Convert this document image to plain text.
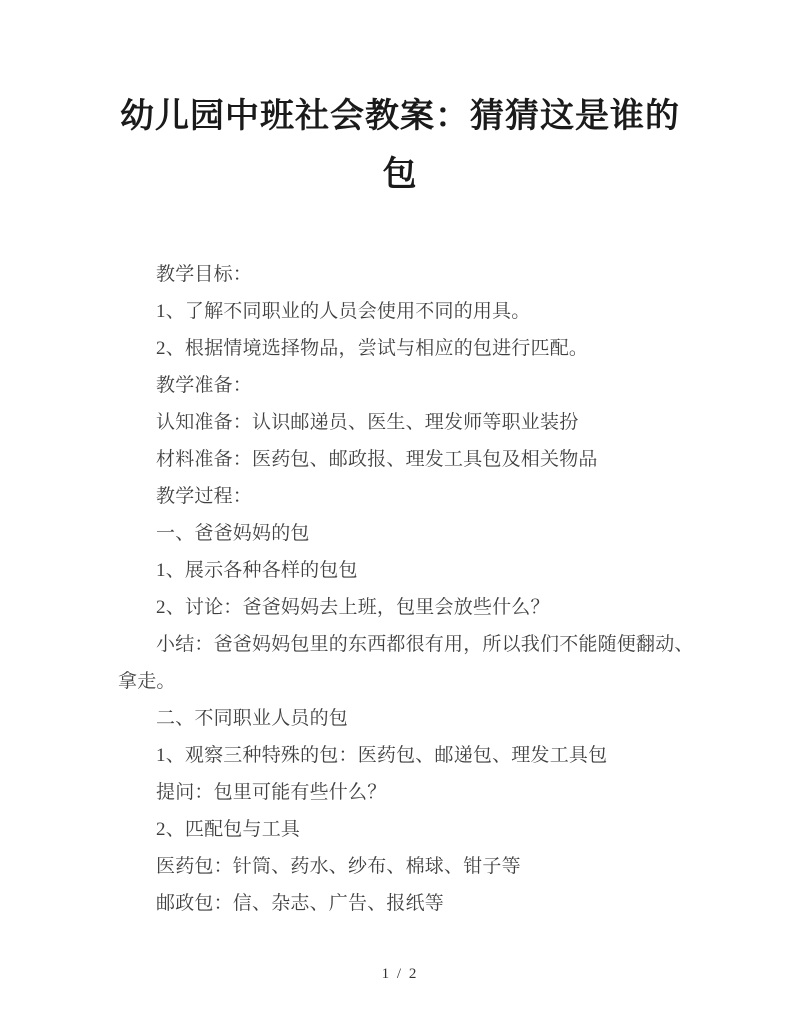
幼儿园中班社会教案：猜猜这是谁的
包

教学目标：

1、了解不同职业的人员会使用不同的用具。

2、根据情境选择物品，尝试与相应的包进行匹配。

教学准备：

认知准备：认识邮递员、医生、理发师等职业装扮

材料准备：医药包、邮政报、理发工具包及相关物品

教学过程：

一、爸爸妈妈的包

1、展示各种各样的包包

2、讨论：爸爸妈妈去上班，包里会放些什么？

小结：爸爸妈妈包里的东西都很有用，所以我们不能随便翻动、

拿走。

二、不同职业人员的包

1、观察三种特殊的包：医药包、邮递包、理发工具包

提问：包里可能有些什么？

2、匹配包与工具

医药包：针筒、药水、纱布、棉球、钳子等

邮政包：信、杂志、广告、报纸等

1 / 2
